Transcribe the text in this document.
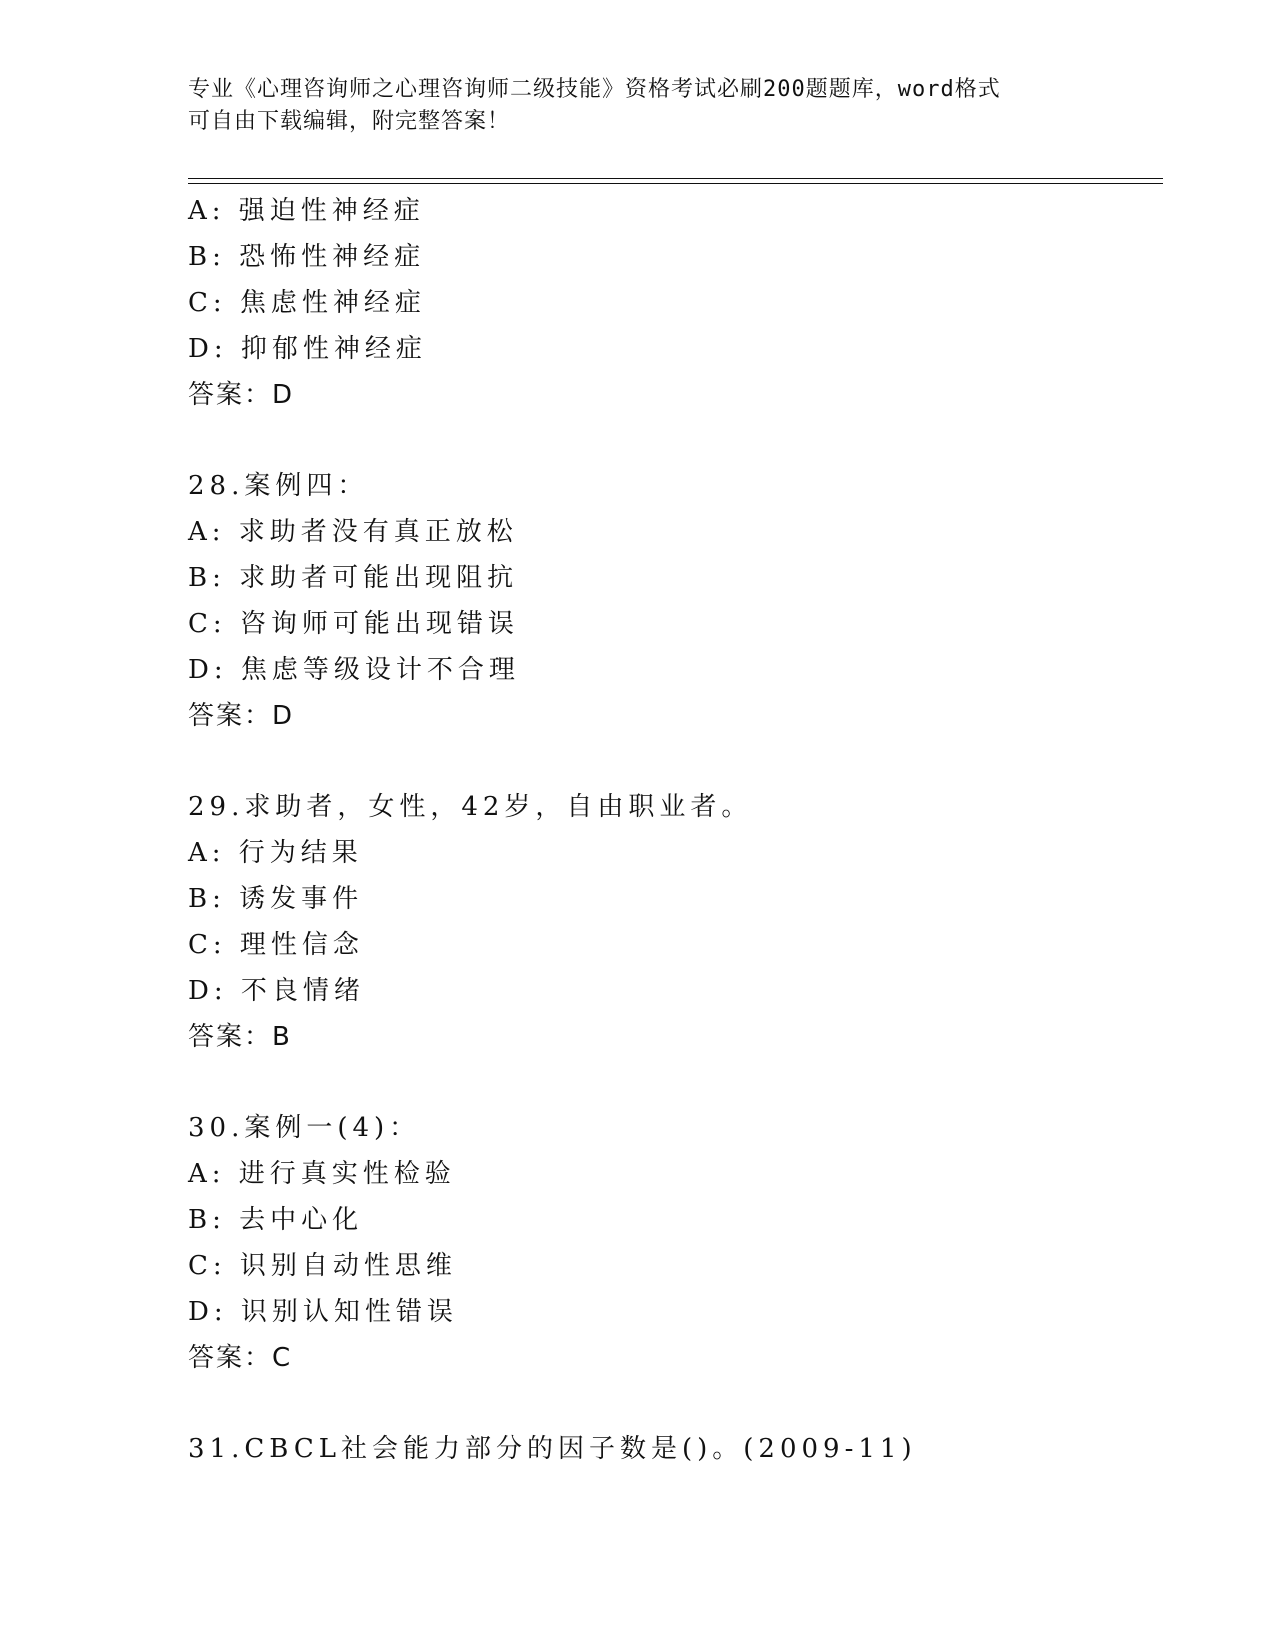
专业《心理咨询师之心理咨询师二级技能》资格考试必刷200题题库，word格式
可自由下载编辑，附完整答案！
A: 强迫性神经症
B: 恐怖性神经症
C: 焦虑性神经症
D: 抑郁性神经症
答案：D
28.案例四：
A: 求助者没有真正放松
B: 求助者可能出现阻抗
C: 咨询师可能出现错误
D: 焦虑等级设计不合理
答案：D
29.求助者，女性，42岁，自由职业者。
A: 行为结果
B: 诱发事件
C: 理性信念
D: 不良情绪
答案：B
30.案例一(4)：
A: 进行真实性检验
B: 去中心化
C: 识别自动性思维
D: 识别认知性错误
答案：C
31.CBCL社会能力部分的因子数是()。(2009-11)
